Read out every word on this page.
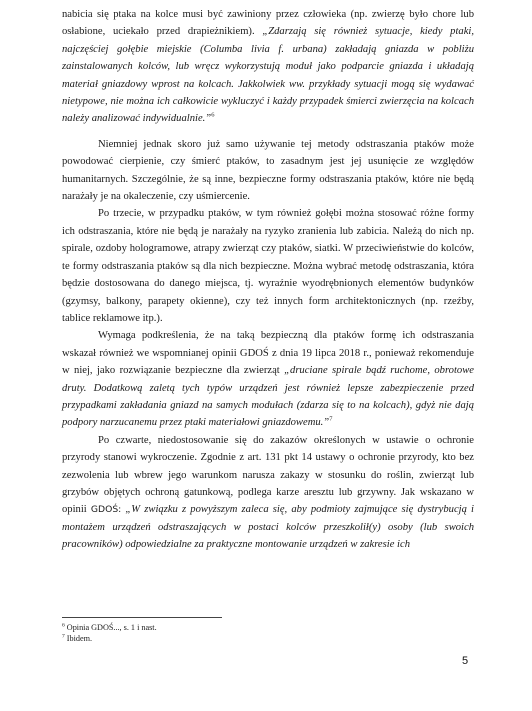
nabicia się ptaka na kolce musi być zawiniony przez człowieka (np. zwierzę było chore lub osłabione, uciekało przed drapieżnikiem). „Zdarzają się również sytuacje, kiedy ptaki, najczęściej gołębie miejskie (Columba livia f. urbana) zakładają gniazda w pobliżu zainstalowanych kolców, lub wręcz wykorzystują moduł jako podparcie gniazda i układają materiał gniazdowy wprost na kolcach. Jakkolwiek ww. przykłady sytuacji mogą się wydawać nietypowe, nie można ich całkowicie wykluczyć i każdy przypadek śmierci zwierzęcia na kolcach należy analizować indywidualnie.”$^6$

Niemniej jednak skoro już samo używanie tej metody odstraszania ptaków może powodować cierpienie, czy śmierć ptaków, to zasadnym jest jej usunięcie ze względów humanitarnych. Szczególnie, że są inne, bezpieczne formy odstraszania ptaków, które nie będą narażały je na okaleczenie, czy uśmiercenie.

Po trzecie, w przypadku ptaków, w tym również gołębi można stosować różne formy ich odstraszania, które nie będą je narażały na ryzyko zranienia lub zabicia. Należą do nich np. spirale, ozdoby hologramowe, atrapy zwierząt czy ptaków, siatki. W przeciwieństwie do kolców, te formy odstraszania ptaków są dla nich bezpieczne. Można wybrać metodę odstraszania, która będzie dostosowana do danego miejsca, tj. wyraźnie wyodrębnionych elementów budynków (gzymsy, balkony, parapety okienne), czy też innych form architektonicznych (np. rzeźby, tablice reklamowe itp.).

Wymaga podkreślenia, że na taką bezpieczną dla ptaków formę ich odstraszania wskazał również we wspomnianej opinii GDOŚ z dnia 19 lipca 2018 r., ponieważ rekomenduje w niej, jako rozwiązanie bezpieczne dla zwierząt „druciane spirale bądź ruchome, obrotowe druty. Dodatkową zaletą tych typów urządzeń jest również lepsze zabezpieczenie przed przypadkami zakładania gniazd na samych modułach (zdarza się to na kolcach), gdyż nie dają podpory narzucanemu przez ptaki materiałowi gniazdowemu.”$^7$

Po czwarte, niedostosowanie się do zakazów określonych w ustawie o ochronie przyrody stanowi wykroczenie. Zgodnie z art. 131 pkt 14 ustawy o ochronie przyrody, kto bez zezwolenia lub wbrew jego warunkom narusza zakazy w stosunku do roślin, zwierząt lub grzybów objętych ochroną gatunkową, podlega karze aresztu lub grzywny. Jak wskazano w opinii GDOŚ: „W związku z powyższym zaleca się, aby podmioty zajmujące się dystrybucją i montażem urządzeń odstraszających w postaci kolców przeszkolił(y) osoby (lub swoich pracowników) odpowiedzialne za praktyczne montowanie urządzeń w zakresie ich

$^6$ Opinia GDOŚ..., s. 1 i nast.
$^7$ Ibidem.
5
